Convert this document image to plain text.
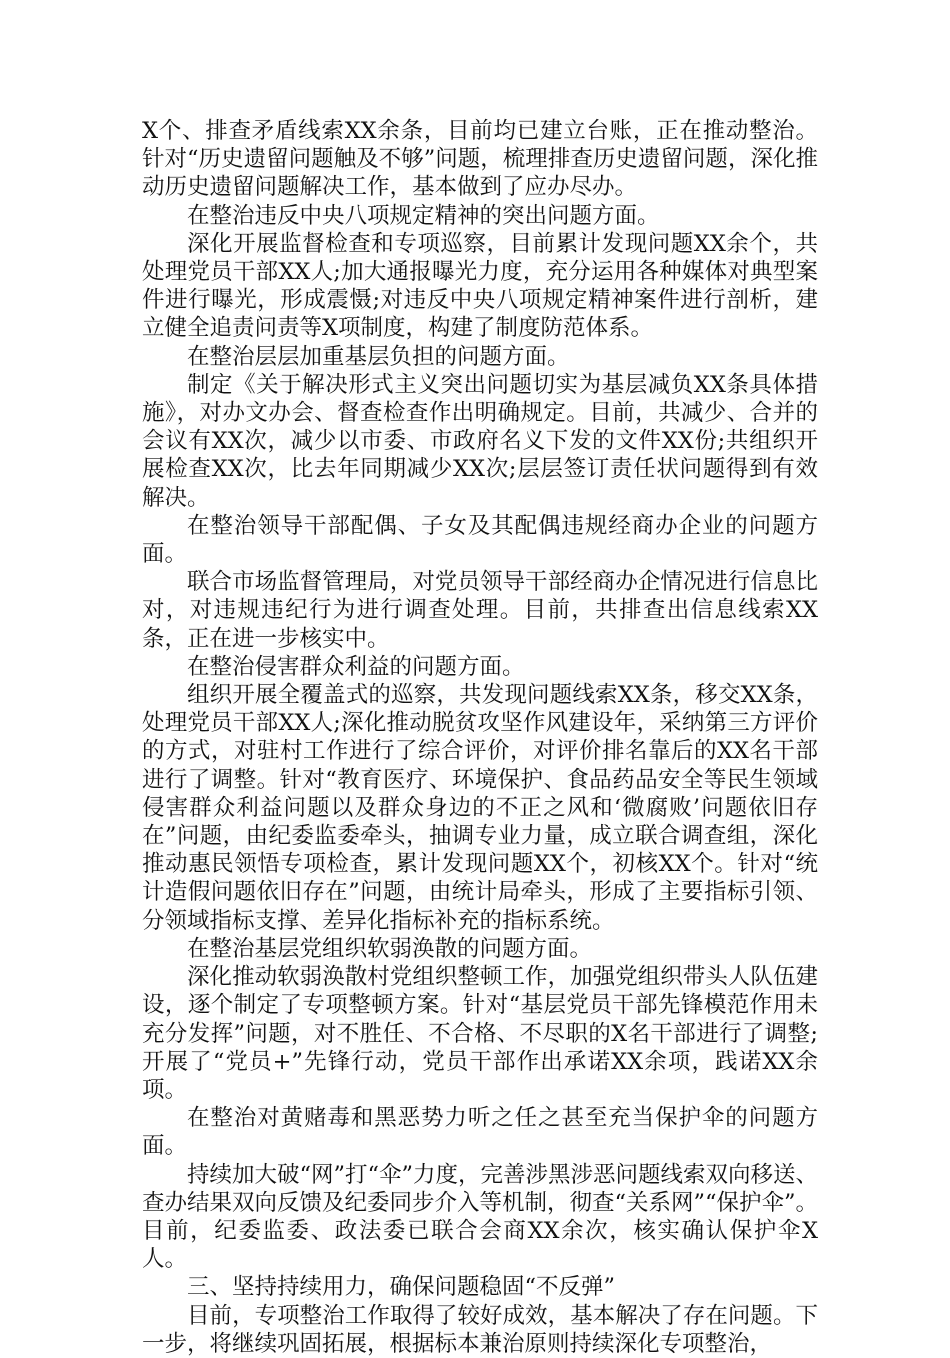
X个、排查矛盾线索XX余条，目前均已建立台账，正在推动整治。针对“历史遗留问题触及不够”问题，梳理排查历史遗留问题，深化推动历史遗留问题解决工作，基本做到了应办尽办。

在整治违反中央八项规定精神的突出问题方面。

深化开展监督检查和专项巡察，目前累计发现问题XX余个，共处理党员干部XX人;加大通报曝光力度，充分运用各种媒体对典型案件进行曝光，形成震慑;对违反中央八项规定精神案件进行剖析，建立健全追责问责等X项制度，构建了制度防范体系。

在整治层层加重基层负担的问题方面。

制定《关于解决形式主义突出问题切实为基层减负XX条具体措施》，对办文办会、督查检查作出明确规定。目前，共减少、合并的会议有XX次，减少以市委、市政府名义下发的文件XX份;共组织开展检查XX次，比去年同期减少XX次;层层签订责任状问题得到有效解决。

在整治领导干部配偶、子女及其配偶违规经商办企业的问题方面。

联合市场监督管理局，对党员领导干部经商办企情况进行信息比对，对违规违纪行为进行调查处理。目前，共排查出信息线索XX条，正在进一步核实中。

在整治侵害群众利益的问题方面。

组织开展全覆盖式的巡察，共发现问题线索XX条，移交XX条，处理党员干部XX人;深化推动脱贫攻坚作风建设年，采纳第三方评价的方式，对驻村工作进行了综合评价，对评价排名靠后的XX名干部进行了调整。针对“教育医疗、环境保护、食品药品安全等民生领域侵害群众利益问题以及群众身边的不正之风和‘微腐败’问题依旧存在”问题，由纪委监委牵头，抽调专业力量，成立联合调查组，深化推动惠民领悟专项检查，累计发现问题XX个，初核XX个。针对“统计造假问题依旧存在”问题，由统计局牵头，形成了主要指标引领、分领域指标支撑、差异化指标补充的指标系统。

在整治基层党组织软弱涣散的问题方面。

深化推动软弱涣散村党组织整顿工作，加强党组织带头人队伍建设，逐个制定了专项整顿方案。针对“基层党员干部先锋模范作用未充分发挥”问题，对不胜任、不合格、不尽职的X名干部进行了调整;开展了“党员+”先锋行动，党员干部作出承诺XX余项，践诺XX余项。

在整治对黄赌毒和黑恶势力听之任之甚至充当保护伞的问题方面。

持续加大破“网”打“伞”力度，完善涉黑涉恶问题线索双向移送、查办结果双向反馈及纪委同步介入等机制，彻查“关系网”“保护伞”。目前，纪委监委、政法委已联合会商XX余次，核实确认保护伞X人。

三、坚持持续用力，确保问题稳固“不反弹”

目前，专项整治工作取得了较好成效，基本解决了存在问题。下一步，将继续巩固拓展，根据标本兼治原则持续深化专项整治，
